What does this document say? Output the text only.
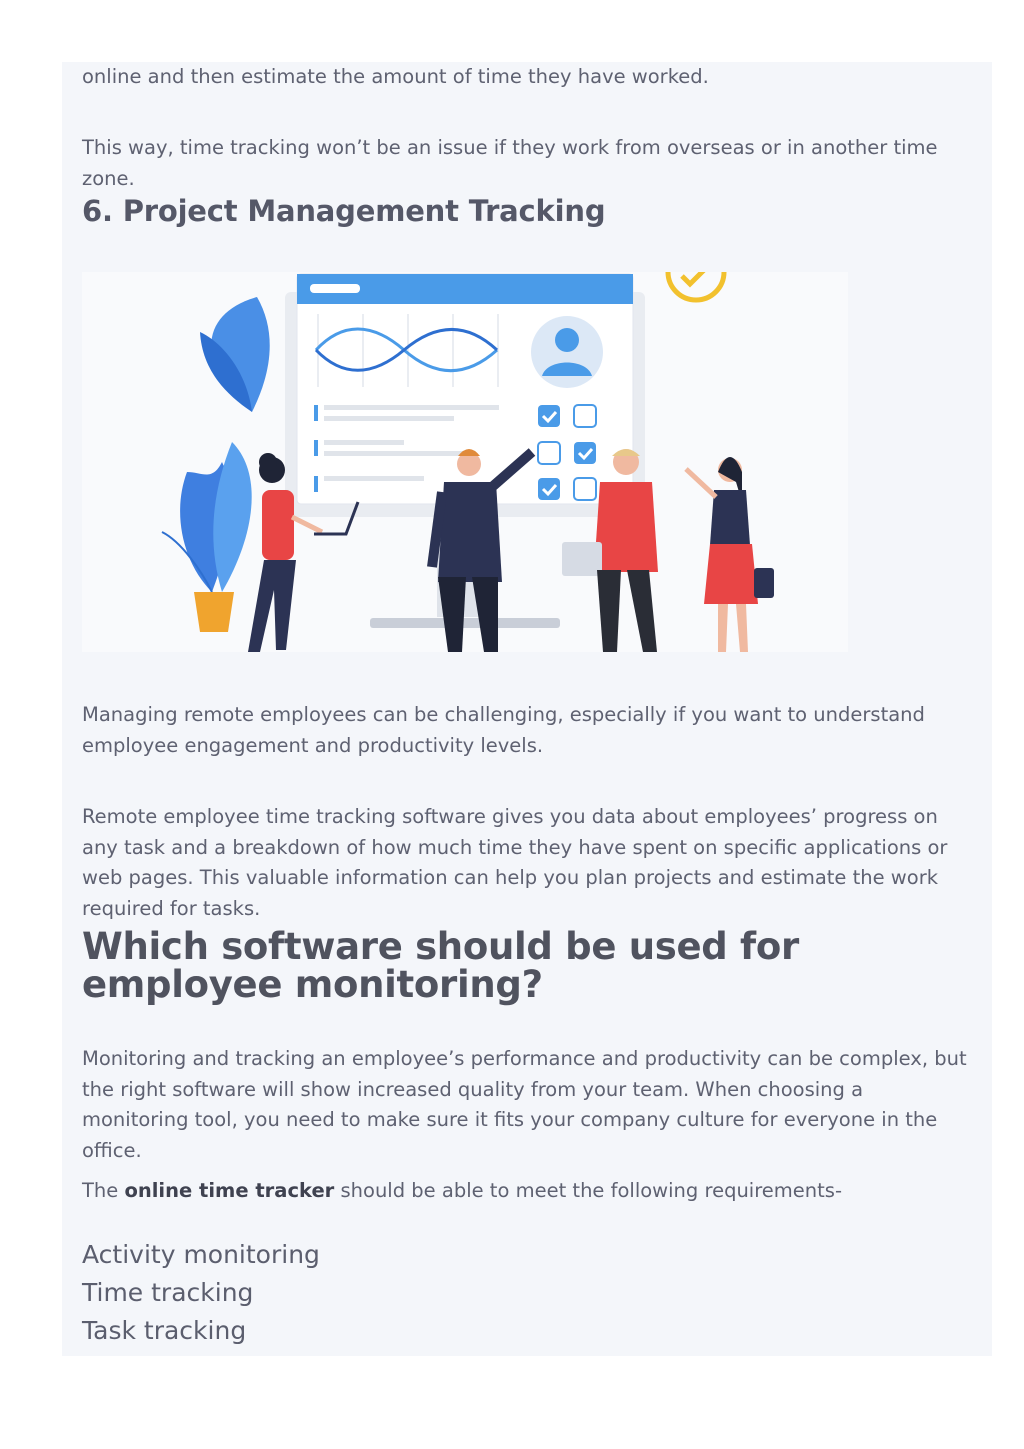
online and then estimate the amount of time they have worked.

This way, time tracking won’t be an issue if they work from overseas or in another time zone.

6. Project Management Tracking

Managing remote employees can be challenging, especially if you want to understand employee engagement and productivity levels.

Remote employee time tracking software gives you data about employees’ progress on any task and a breakdown of how much time they have spent on specific applications or web pages. This valuable information can help you plan projects and estimate the work required for tasks.

Which software should be used for employee monitoring?

Monitoring and tracking an employee’s performance and productivity can be complex, but the right software will show increased quality from your team. When choosing a monitoring tool, you need to make sure it fits your company culture for everyone in the office.

The online time tracker should be able to meet the following requirements-

Activity monitoring
Time tracking
Task tracking
